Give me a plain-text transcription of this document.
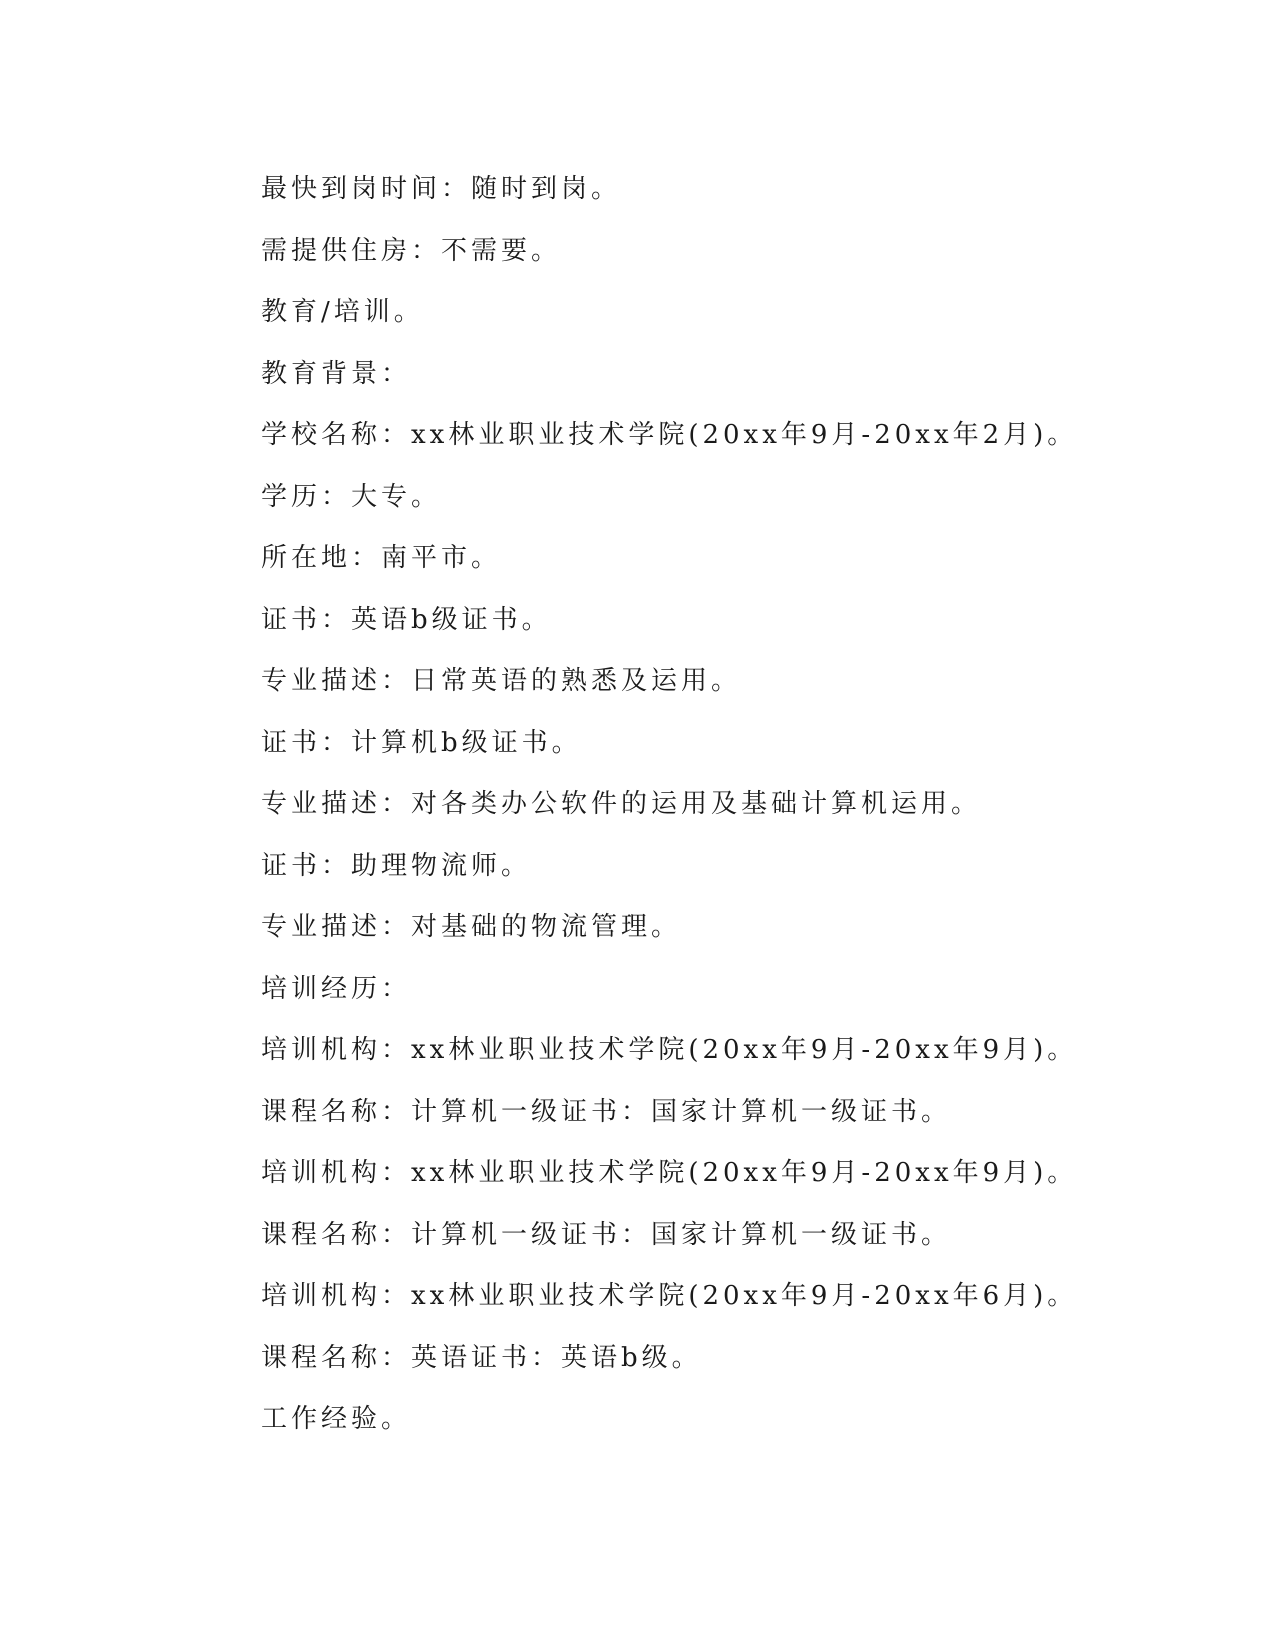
最快到岗时间：随时到岗。
需提供住房：不需要。
教育/培训。
教育背景：
学校名称：xx林业职业技术学院(20xx年9月-20xx年2月)。
学历：大专。
所在地：南平市。
证书：英语b级证书。
专业描述：日常英语的熟悉及运用。
证书：计算机b级证书。
专业描述：对各类办公软件的运用及基础计算机运用。
证书：助理物流师。
专业描述：对基础的物流管理。
培训经历：
培训机构：xx林业职业技术学院(20xx年9月-20xx年9月)。
课程名称：计算机一级证书：国家计算机一级证书。
培训机构：xx林业职业技术学院(20xx年9月-20xx年9月)。
课程名称：计算机一级证书：国家计算机一级证书。
培训机构：xx林业职业技术学院(20xx年9月-20xx年6月)。
课程名称：英语证书：英语b级。
工作经验。
